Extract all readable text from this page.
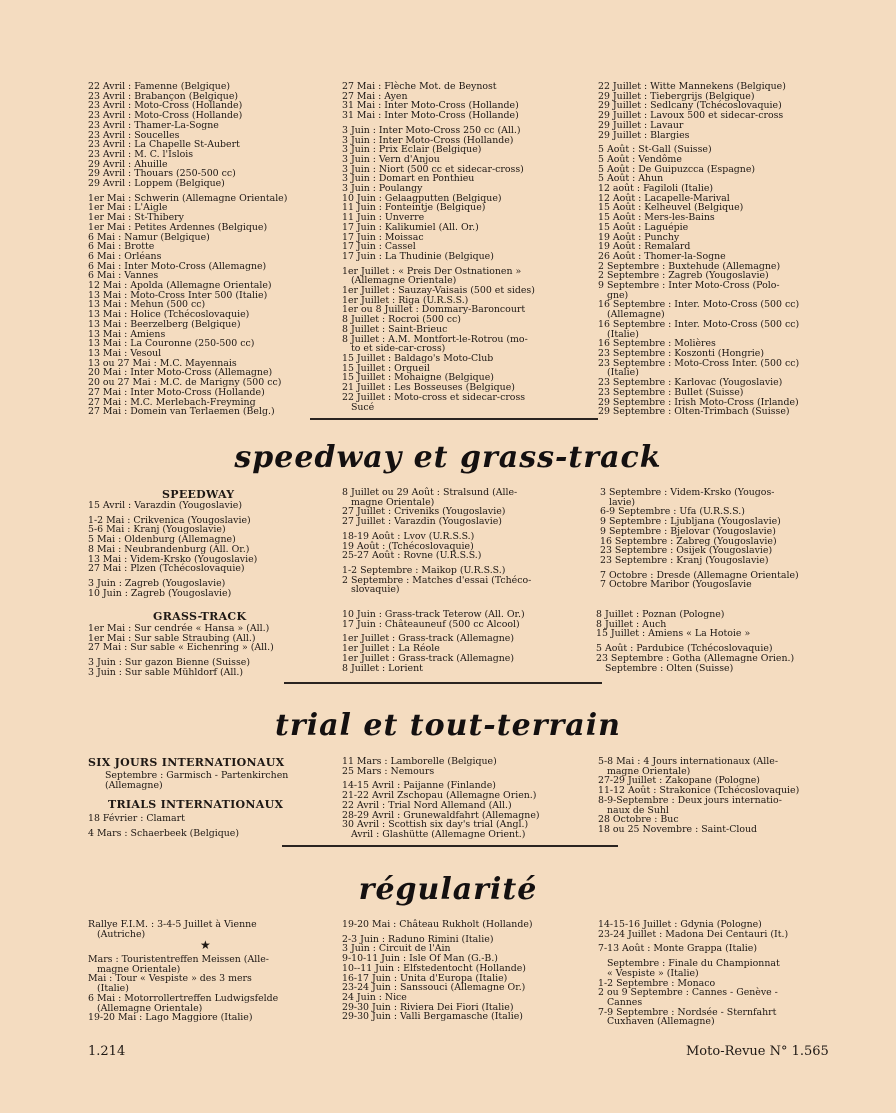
22 Avril : Famenne (Belgique)
23 Avril : Brabançon (Belgique)
23 Avril : Moto-Cross (Hollande)
23 Avril : Moto-Cross (Hollande)
23 Avril : Thamer-La-Sogne
23 Avril : Soucelles
23 Avril : La Chapelle St-Aubert
23 Avril : M. C. l'Islois
29 Avril : Ahuille
29 Avril : Thouars (250-500 cc)
29 Avril : Loppem (Belgique)
1er Mai : Schwerin (Allemagne Orientale)
1er Mai : L'Aigle
1er Mai : St-Thibery
1er Mai : Petites Ardennes (Belgique)
6 Mai : Namur (Belgique)
6 Mai : Brotte
6 Mai : Orléans
6 Mai : Inter Moto-Cross (Allemagne)
6 Mai : Vannes
12 Mai : Apolda (Allemagne Orientale)
13 Mai : Moto-Cross Inter 500 (Italie)
13 Mai : Mehun (500 cc)
13 Mai : Holice (Tchécoslovaquie)
13 Mai : Beerzelberg (Belgique)
13 Mai : Amiens
13 Mai : La Couronne (250-500 cc)
13 Mai : Vesoul
13 ou 27 Mai : M.C. Mayennais
20 Mai : Inter Moto-Cross (Allemagne)
20 ou 27 Mai : M.C. de Marigny (500 cc)
27 Mai : Inter Moto-Cross (Hollande)
27 Mai : M.C. Merlebach-Freyming
27 Mai : Domein van Terlaemen (Belg.)
27 Mai : Flèche Mot. de Beynost
27 Mai : Ayen
31 Mai : Inter Moto-Cross (Hollande)
31 Mai : Inter Moto-Cross (Hollande)
3 Juin : Inter Moto-Cross 250 cc (All.)
3 Juin : Inter Moto-Cross (Hollande)
3 Juin : Prix Eclair (Belgique)
3 Juin : Vern d'Anjou
3 Juin : Niort (500 cc et sidecar-cross)
3 Juin : Domart en Ponthieu
3 Juin : Poulangy
10 Juin : Gelaagputten (Belgique)
11 Juin : Fonteintje (Belgique)
11 Juin : Unverre
17 Juin : Kalikumiel (All. Or.)
17 Juin : Moissac
17 Juin : Cassel
17 Juin : La Thudinie (Belgique)
1er Juillet : « Preis Der Ostnationen »
(Allemagne Orientale)
1er Juillet : Sauzay-Vaisais (500 et sides)
1er Juillet : Riga (U.R.S.S.)
1er ou 8 Juillet : Dommary-Baroncourt
8 Juillet : Rocroi (500 cc)
8 Juillet : Saint-Brieuc
8 Juillet : A.M. Montfort-le-Rotrou (mo-
to et side-car-cross)
15 Juillet : Baldago's Moto-Club
15 Juillet : Orgueil
15 Juillet : Mohaigne (Belgique)
21 Juillet : Les Bosseuses (Belgique)
22 Juillet : Moto-cross et sidecar-cross
Sucé
22 Juillet : Witte Mannekens (Belgique)
29 Juillet : Tiebergrijs (Belgique)
29 Juillet : Sedlcany (Tchécoslovaquie)
29 Juillet : Lavoux 500 et sidecar-cross
29 Juillet : Lavaur
29 Juillet : Blargies
5 Août : St-Gall (Suisse)
5 Août : Vendôme
5 Août : De Guipuzcca (Espagne)
5 Août : Ahun
12 août : Fagiloli (Italie)
12 Août : Lacapelle-Marival
15 Août : Kelheuvel (Belgique)
15 Août : Mers-les-Bains
15 Août : Laguépie
19 Août : Punchy
19 Août : Remalard
26 Août : Thomer-la-Sogne
2 Septembre : Buxtehude (Allemagne)
2 Septembre : Zagreb (Yougoslavie)
9 Septembre : Inter Moto-Cross (Polo-
gne)
16 Septembre : Inter. Moto-Cross (500 cc)
(Allemagne)
16 Septembre : Inter. Moto-Cross (500 cc)
(Italie)
16 Septembre : Molières
23 Septembre : Koszonti (Hongrie)
23 Septembre : Moto-Cross Inter. (500 cc)
(Italie)
23 Septembre : Karlovac (Yougoslavie)
23 Septembre : Bullet (Suisse)
29 Septembre : Irish Moto-Cross (Irlande)
29 Septembre : Olten-Trimbach (Suisse)
speedway et grass-track
SPEEDWAY
15 Avril : Varazdin (Yougoslavie)
1-2 Mai : Crikvenica (Yougoslavie)
5-6 Mai : Kranj (Yougoslavie)
5 Mai : Oldenburg (Allemagne)
8 Mai : Neubrandenburg (All. Or.)
13 Mai : Videm-Krsko (Yougoslavie)
27 Mai : Plzen (Tchécoslovaquie)
3 Juin : Zagreb (Yougoslavie)
10 Juin : Zagreb (Yougoslavie)
8 Juillet ou 29 Août : Stralsund (Alle-
magne Orientale)
27 Juillet : Criveniks (Yougoslavie)
27 Juillet : Varazdin (Yougoslavie)
18-19 Août : Lvov (U.R.S.S.)
19 Août : (Tchécoslovaquie)
25-27 Août : Rovne (U.R.S.S.)
1-2 Septembre : Maikop (U.R.S.S.)
2 Septembre : Matches d'essai (Tchéco-
slovaquie)
3 Septembre : Videm-Krsko (Yougos-
lavie)
6-9 Septembre : Ufa (U.R.S.S.)
9 Septembre : Ljubljana (Yougoslavie)
9 Septembre : Bjelovar (Yougoslavie)
16 Septembre : Zabreg (Yougoslavie)
23 Septembre : Osijek (Yougoslavie)
23 Septembre : Kranj (Yougoslavie)
7 Octobre : Dresde (Allemagne Orientale)
7 Octobre Maribor (Yougoslavie
GRASS-TRACK
1er Mai : Sur cendrée « Hansa » (All.)
1er Mai : Sur sable Straubing (All.)
27 Mai : Sur sable « Eichenring » (All.)
3 Juin : Sur gazon Bienne (Suisse)
3 Juin : Sur sable Mühldorf (All.)
10 Juin : Grass-track Teterow (All. Or.)
17 Juin : Châteauneuf (500 cc Alcool)
1er Juillet : Grass-track (Allemagne)
1er Juillet : La Réole
1er Juillet : Grass-track (Allemagne)
8 Juillet : Lorient
8 Juillet : Poznan (Pologne)
8 Juillet : Auch
15 Juillet : Amiens « La Hotoie »
5 Août : Pardubice (Tchécoslovaquie)
23 Septembre : Gotha (Allemagne Orien.)
Septembre : Olten (Suisse)
trial et tout-terrain
SIX JOURS INTERNATIONAUX
Septembre : Garmisch - Partenkirchen
(Allemagne)
TRIALS INTERNATIONAUX
18 Février : Clamart
4 Mars : Schaerbeek (Belgique)
11 Mars : Lamborelle (Belgique)
25 Mars : Nemours
14-15 Avril : Paijanne (Finlande)
21-22 Avril Zschopau (Allemagne Orien.)
22 Avril : Trial Nord Allemand (All.)
28-29 Avril : Grunewaldfahrt (Allemagne)
30 Avril : Scottish six day's trial (Angl.)
Avril : Glashütte (Allemagne Orient.)
5-8 Mai : 4 Jours internationaux (Alle-
magne Orientale)
27-29 Juillet : Zakopane (Pologne)
11-12 Août : Strakonice (Tchécoslovaquie)
8-9-Septembre : Deux jours internatio-
naux de Suhl
28 Octobre : Buc
18 ou 25 Novembre : Saint-Cloud
régularité
Rallye F.I.M. : 3-4-5 Juillet à Vienne
(Autriche)
★
Mars : Touristentreffen Meissen (Alle-
magne Orientale)
Mai : Tour « Vespiste » des 3 mers
(Italie)
6 Mai : Motorrollertreffen Ludwigsfelde
(Allemagne Orientale)
19-20 Mai : Lago Maggiore (Italie)
19-20 Mai : Château Rukholt (Hollande)
2-3 Juin : Raduno Rimini (Italie)
3 Juin : Circuit de l'Ain
9-10-11 Juin : Isle Of Man (G.-B.)
10--11 Juin : Elfstedentocht (Hollande)
16-17 Juin : Unita d'Europa (Italie)
23-24 Juin : Sanssouci (Allemagne Or.)
24 Juin : Nice
29-30 Juin : Riviera Dei Fiori (Italie)
29-30 Juin : Valli Bergamasche (Italie)
14-15-16 Juillet : Gdynia (Pologne)
23-24 Juillet : Madona Dei Centauri (It.)
7-13 Août : Monte Grappa (Italie)
Septembre : Finale du Championnat
« Vespiste » (Italie)
1-2 Septembre : Monaco
2 ou 9 Septembre : Cannes - Genève -
Cannes
7-9 Septembre : Nordsée - Sternfahrt
Cuxhaven (Allemagne)
1.214	Moto-Revue N° 1.565
